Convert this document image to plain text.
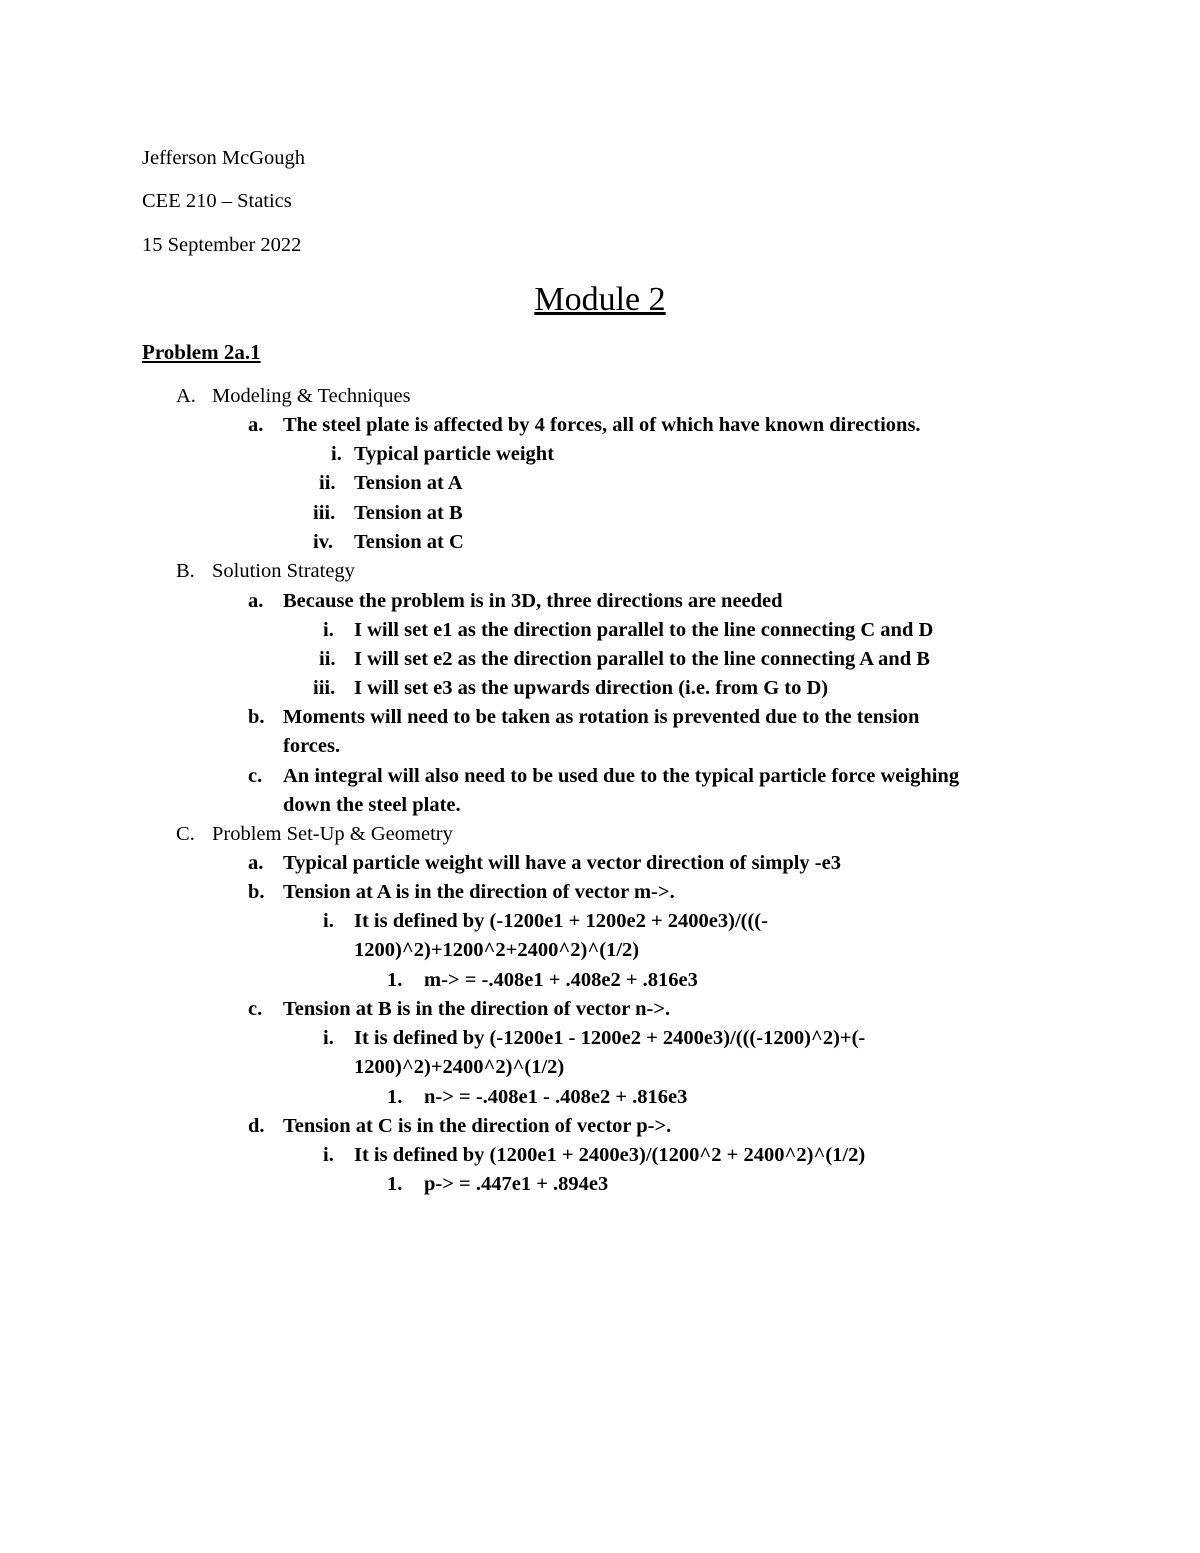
Jefferson McGough
CEE 210 – Statics
15 September 2022
Module 2
Problem 2a.1
A. Modeling & Techniques
a. The steel plate is affected by 4 forces, all of which have known directions.
i. Typical particle weight
ii. Tension at A
iii. Tension at B
iv. Tension at C
B. Solution Strategy
a. Because the problem is in 3D, three directions are needed
i. I will set e1 as the direction parallel to the line connecting C and D
ii. I will set e2 as the direction parallel to the line connecting A and B
iii. I will set e3 as the upwards direction (i.e. from G to D)
b. Moments will need to be taken as rotation is prevented due to the tension
forces.
c. An integral will also need to be used due to the typical particle force weighing
down the steel plate.
C. Problem Set-Up & Geometry
a. Typical particle weight will have a vector direction of simply -e3
b. Tension at A is in the direction of vector m->.
i. It is defined by (-1200e1 + 1200e2 + 2400e3)/(((-
1200)^2)+1200^2+2400^2)^(1/2)
1. m-> = -.408e1 + .408e2 + .816e3
c. Tension at B is in the direction of vector n->.
i. It is defined by (-1200e1 - 1200e2 + 2400e3)/(((-1200)^2)+(-
1200)^2)+2400^2)^(1/2)
1. n-> = -.408e1 - .408e2 + .816e3
d. Tension at C is in the direction of vector p->.
i. It is defined by (1200e1 + 2400e3)/(1200^2 + 2400^2)^(1/2)
1. p-> = .447e1 + .894e3
